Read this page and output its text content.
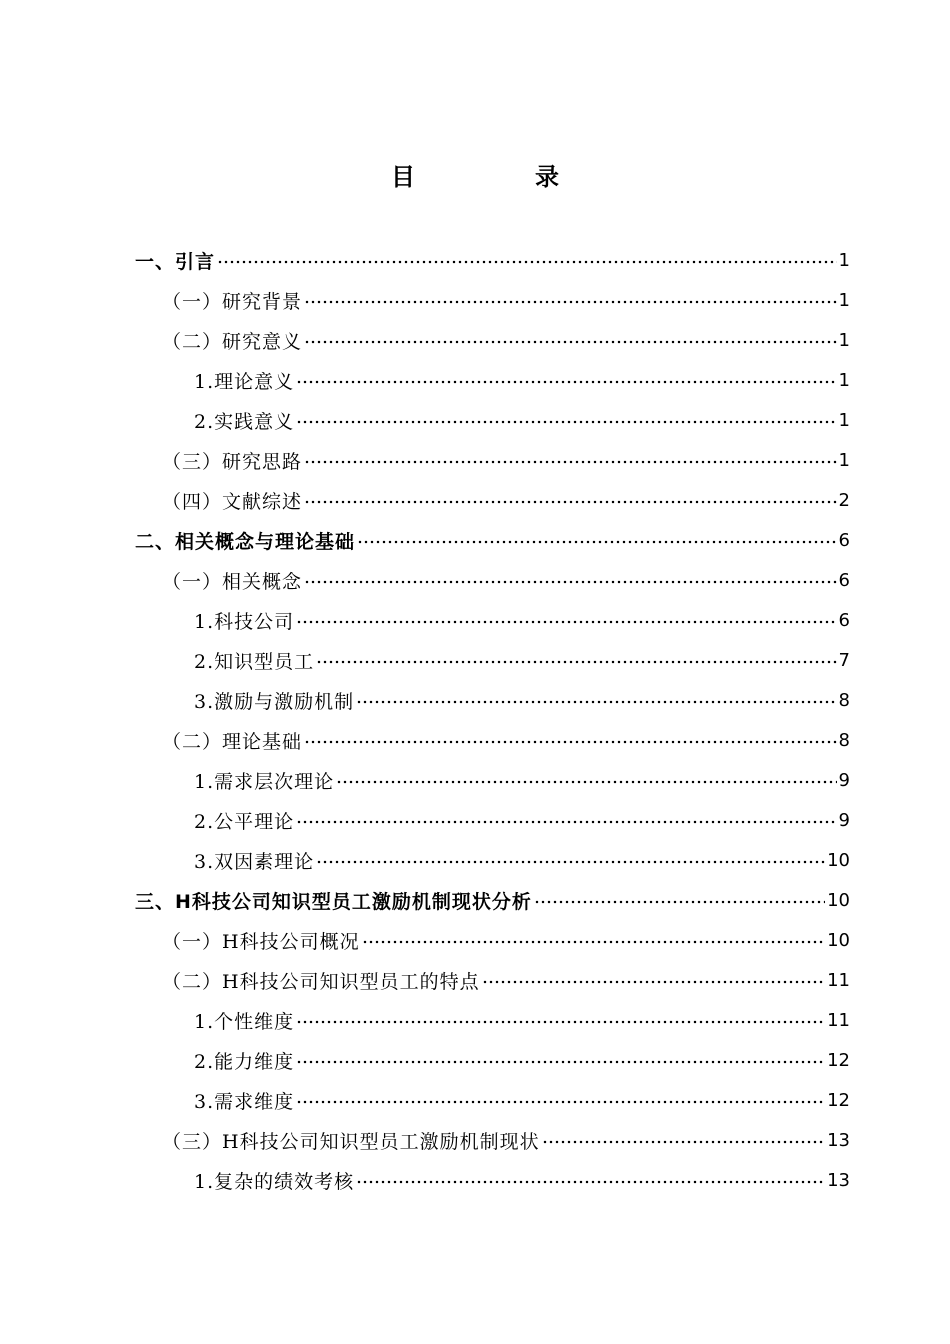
目　录
一、引言	1
（一）研究背景	1
（二）研究意义	1
1.理论意义	1
2.实践意义	1
（三）研究思路	1
（四）文献综述	2
二、相关概念与理论基础	6
（一）相关概念	6
1.科技公司	6
2.知识型员工	7
3.激励与激励机制	8
（二）理论基础	8
1.需求层次理论	9
2.公平理论	9
3.双因素理论	10
三、H科技公司知识型员工激励机制现状分析	10
（一）H科技公司概况	10
（二）H科技公司知识型员工的特点	11
1.个性维度	11
2.能力维度	12
3.需求维度	12
（三）H科技公司知识型员工激励机制现状	13
1.复杂的绩效考核	13
